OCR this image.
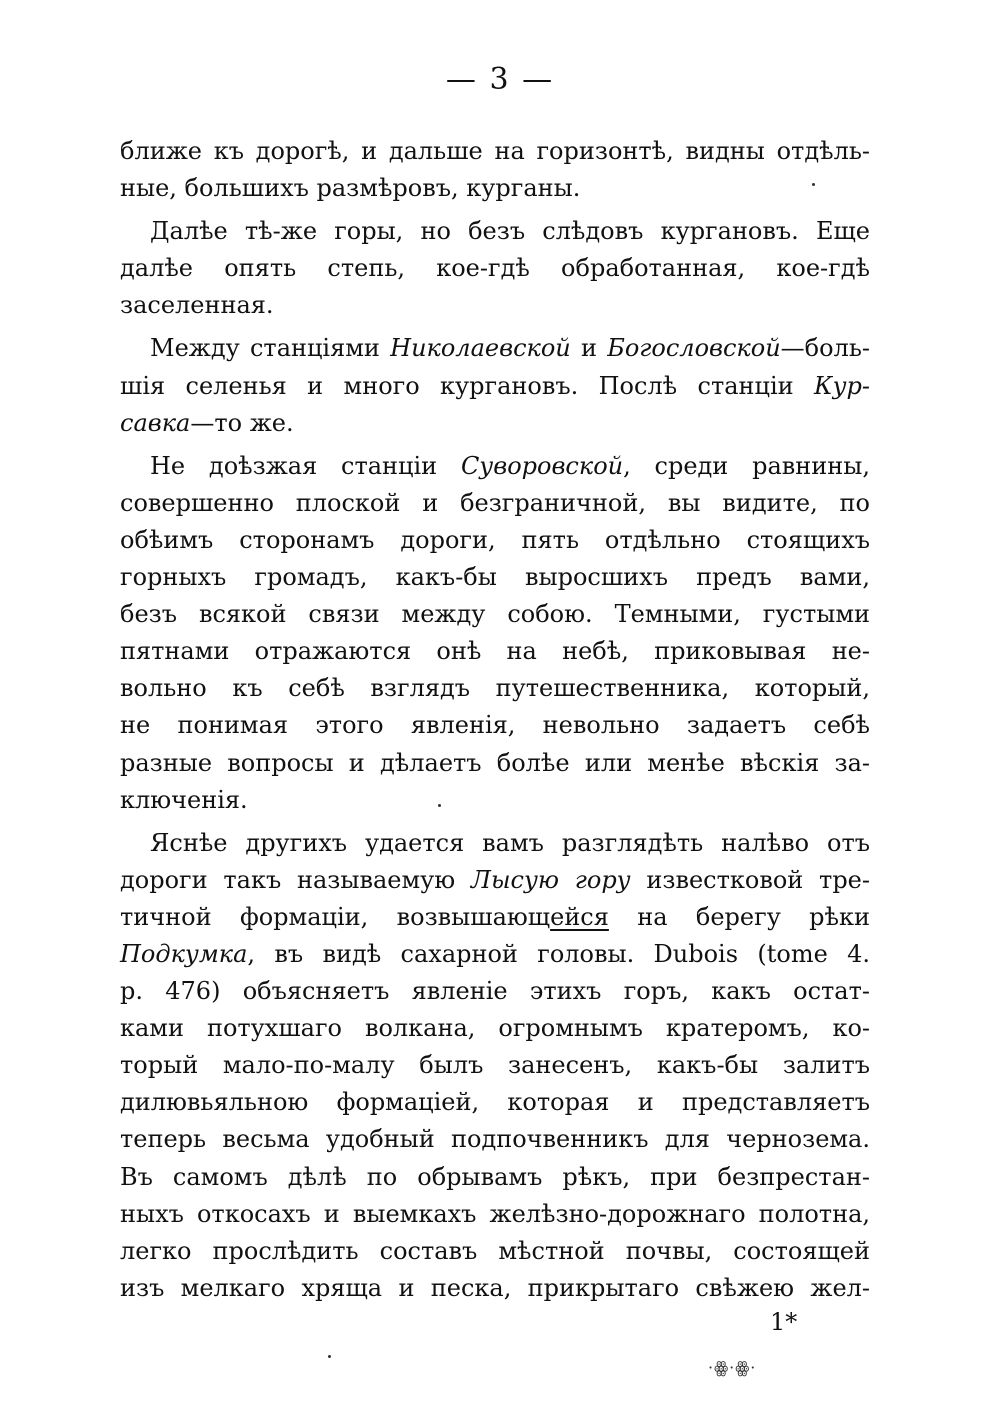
— 3 —
ближе къ дорогѣ, и дальше на горизонтѣ, видны отдѣль-
ные, большихъ размѣровъ, курганы.
Далѣе тѣ-же горы, но безъ слѣдовъ кургановъ. Еще
далѣе опять степь, кое-гдѣ обработанная, кое-гдѣ
заселенная.
Между станціями Николаевской и Богословской—боль-
шія селенья и много кургановъ. Послѣ станціи Кур-
савка—то же.
Не доѣзжая станціи Суворовской, среди равнины,
совершенно плоской и безграничной, вы видите, по
обѣимъ сторонамъ дороги, пять отдѣльно стоящихъ
горныхъ громадъ, какъ-бы выросшихъ предъ вами,
безъ всякой связи между собою. Темными, густыми
пятнами отражаются онѣ на небѣ, приковывая не-
вольно къ себѣ взглядъ путешественника, который,
не понимая этого явленія, невольно задаетъ себѣ
разные вопросы и дѣлаетъ болѣе или менѣе вѣскія за-
ключенія.
Яснѣе другихъ удается вамъ разглядѣть налѣво отъ
дороги такъ называемую Лысую гору известковой тре-
тичной формаціи, возвышающейся на берегу рѣки
Подкумка, въ видѣ сахарной головы. Dubois (tome 4.
p. 476) объясняетъ явленіе этихъ горъ, какъ остат-
ками потухшаго волкана, огромнымъ кратеромъ, ко-
торый мало-по-малу былъ занесенъ, какъ-бы залитъ
дилювьяльною формаціей, которая и представляетъ
теперь весьма удобный подпочвенникъ для чернозема.
Въ самомъ дѣлѣ по обрывамъ рѣкъ, при безпрестан-
ныхъ откосахъ и выемкахъ желѣзно-дорожнаго полотна,
легко прослѣдить составъ мѣстной почвы, состоящей
изъ мелкаго хряща и песка, прикрытаго свѣжею жел-
1*
·ꙮ·ꙮ·
